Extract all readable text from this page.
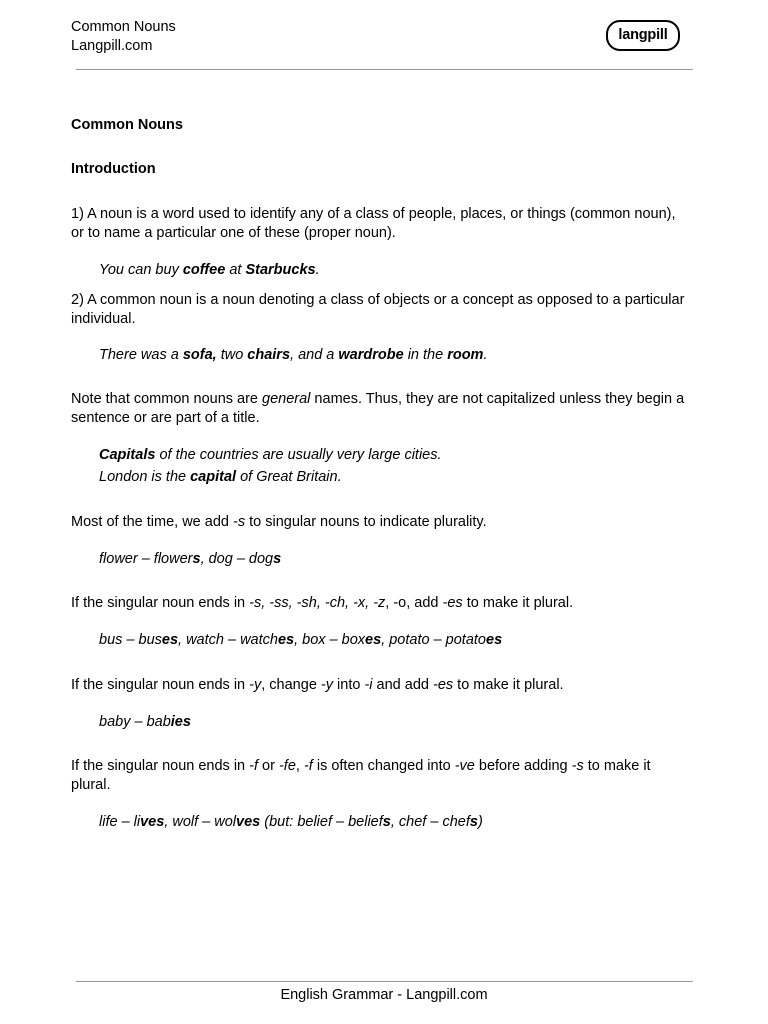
Common Nouns
Langpill.com
langpill
Common Nouns
Introduction
1) A noun is a word used to identify any of a class of people, places, or things (common noun), or to name a particular one of these (proper noun).
You can buy coffee at Starbucks.
2) A common noun is a noun denoting a class of objects or a concept as opposed to a particular individual.
There was a sofa, two chairs, and a wardrobe in the room.
Note that common nouns are general names. Thus, they are not capitalized unless they begin a sentence or are part of a title.
Capitals of the countries are usually very large cities.
London is the capital of Great Britain.
Most of the time, we add -s to singular nouns to indicate plurality.
flower – flowers, dog – dogs
If the singular noun ends in -s, -ss, -sh, -ch, -x, -z, -o, add -es to make it plural.
bus – buses, watch – watches, box – boxes, potato – potatoes
If the singular noun ends in -y, change -y into -i and add -es to make it plural.
baby – babies
If the singular noun ends in -f or -fe, -f is often changed into -ve before adding -s to make it plural.
life – lives, wolf – wolves (but: belief – beliefs, chef – chefs)
English Grammar - Langpill.com
